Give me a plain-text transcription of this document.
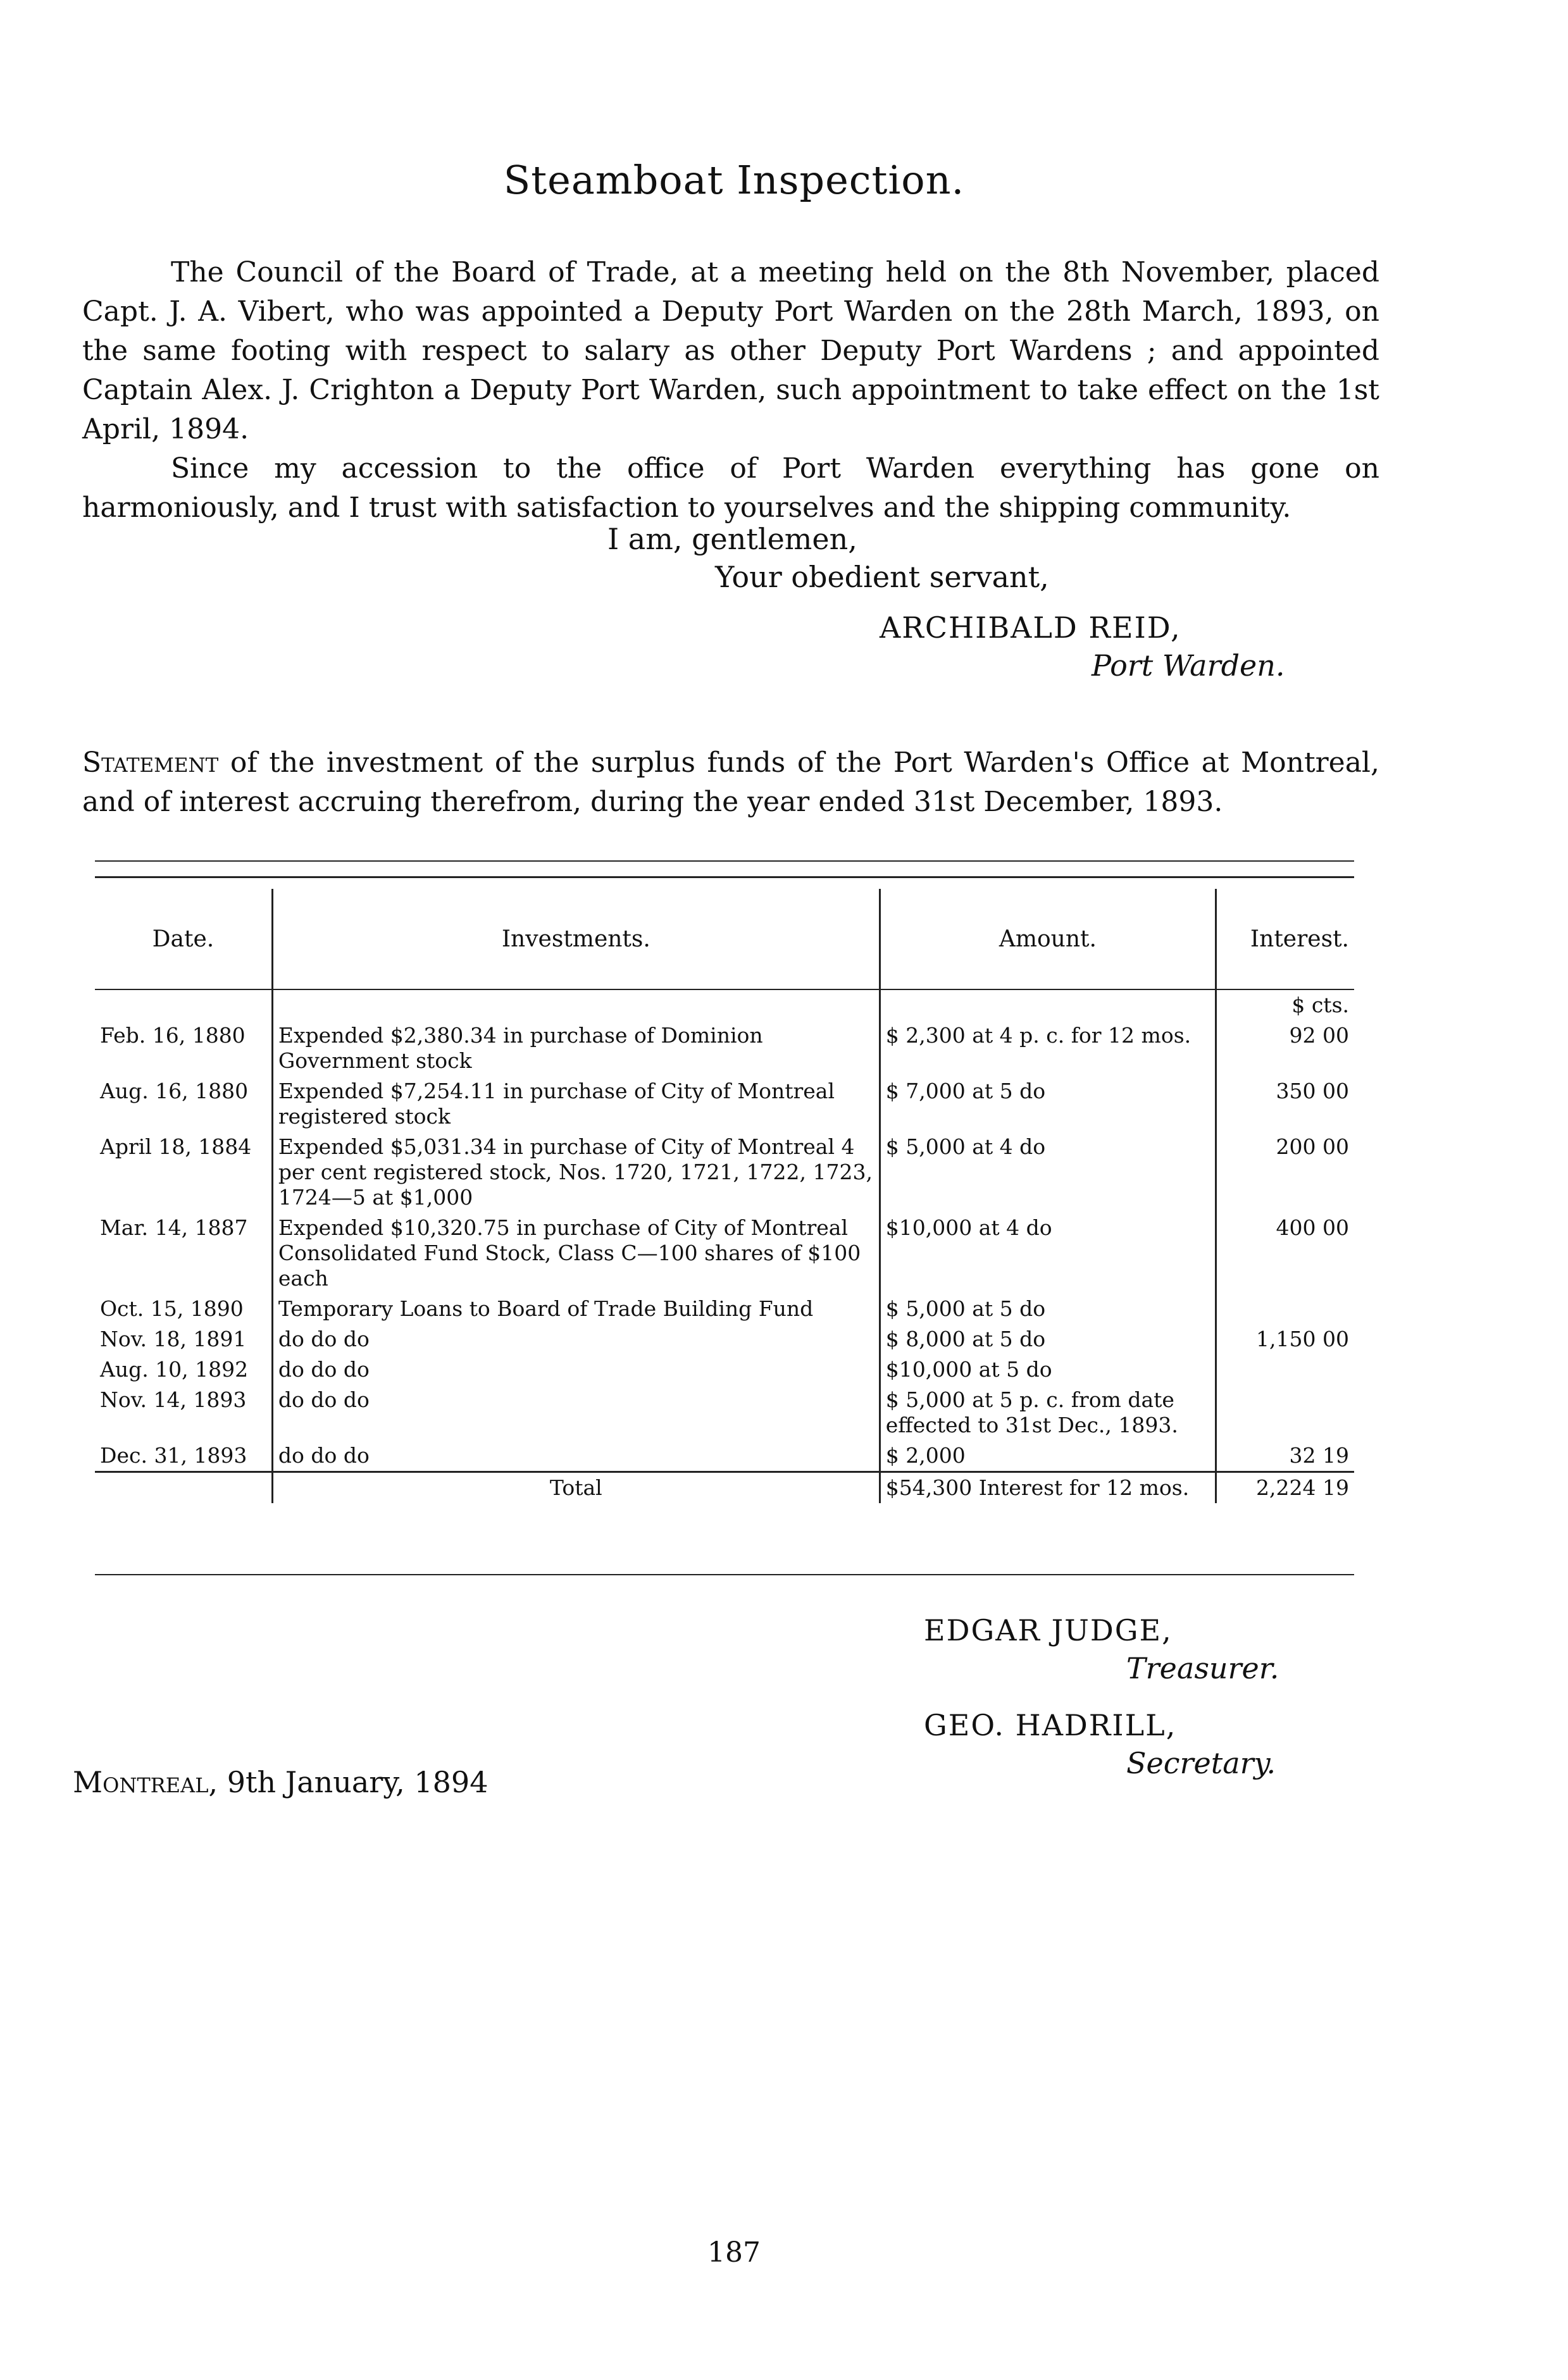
Steamboat Inspection.

The Council of the Board of Trade, at a meeting held on the 8th November, placed Capt. J. A. Vibert, who was appointed a Deputy Port Warden on the 28th March, 1893, on the same footing with respect to salary as other Deputy Port Wardens ; and appointed Captain Alex. J. Crighton a Deputy Port Warden, such appointment to take effect on the 1st April, 1894.

Since my accession to the office of Port Warden everything has gone on harmoniously, and I trust with satisfaction to yourselves and the shipping community.

I am, gentlemen,
Your obedient servant,
ARCHIBALD REID,
Port Warden.
Statement of the investment of the surplus funds of the Port Warden's Office at Montreal, and of interest accruing therefrom, during the year ended 31st December, 1893.
Date.	Investments.	Amount.	Interest.
			$ cts.
Feb. 16, 1880	Expended $2,380.34 in purchase of Dominion Government stock	$ 2,300 at 4 p. c. for 12 mos.	92 00
Aug. 16, 1880	Expended $7,254.11 in purchase of City of Montreal registered stock	$ 7,000 at 5 do	350 00
April 18, 1884	Expended $5,031.34 in purchase of City of Montreal 4 per cent registered stock, Nos. 1720, 1721, 1722, 1723, 1724—5 at $1,000	$ 5,000 at 4 do	200 00
Mar. 14, 1887	Expended $10,320.75 in purchase of City of Montreal Consolidated Fund Stock, Class C—100 shares of $100 each	$10,000 at 4 do	400 00
Oct. 15, 1890	Temporary Loans to Board of Trade Building Fund	$ 5,000 at 5 do	
Nov. 18, 1891	do do do	$ 8,000 at 5 do	1,150 00
Aug. 10, 1892	do do do	$10,000 at 5 do	
Nov. 14, 1893	do do do	$ 5,000 at 5 p. c. from date effected to 31st Dec., 1893.	
Dec. 31, 1893	do do do	$ 2,000	32 19
	Total	$54,300 Interest for 12 mos.	2,224 19
EDGAR JUDGE,
Treasurer.
GEO. HADRILL,
Secretary.
Montreal, 9th January, 1894
187
